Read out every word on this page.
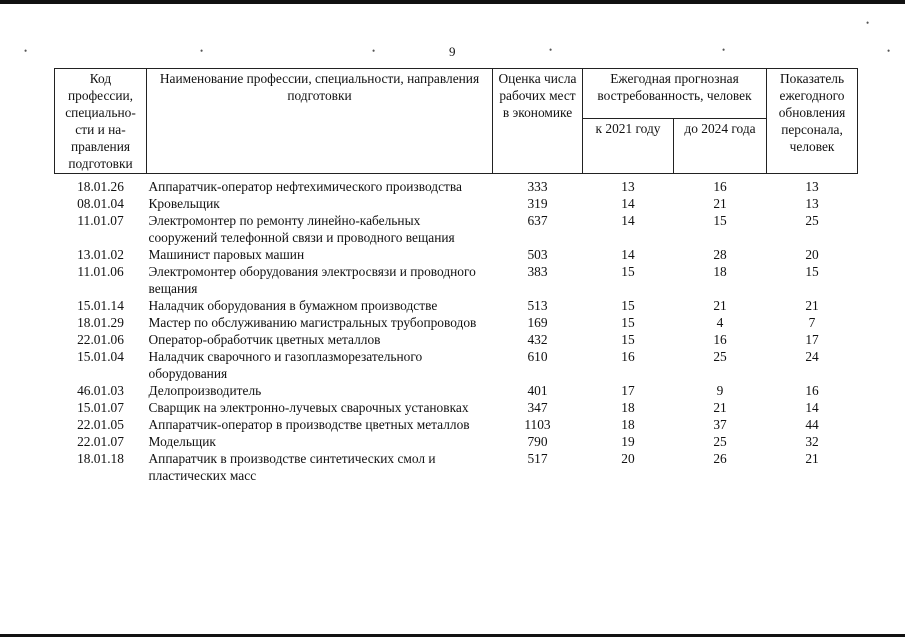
•	•	•	•	•
•
•
9
Код профессии, специально-сти и на-правления подготовки	Наименование профессии, специальности, направления подготовки	Оценка числа рабочих мест в экономике	Ежегодная прогнозная востребованность, человек		Показатель ежегодного обновления персонала, человек
			к 2021 году	до 2024 года	
18.01.26	Аппаратчик-оператор нефтехимического производства	333	13	16	13
08.01.04	Кровельщик	319	14	21	13
11.01.07	Электромонтер по ремонту линейно-кабельных сооружений телефонной связи и проводного вещания	637	14	15	25
13.01.02	Машинист паровых машин	503	14	28	20
11.01.06	Электромонтер оборудования электросвязи и проводного вещания	383	15	18	15
15.01.14	Наладчик оборудования в бумажном производстве	513	15	21	21
18.01.29	Мастер по обслуживанию магистральных трубопроводов	169	15	4	7
22.01.06	Оператор-обработчик цветных металлов	432	15	16	17
15.01.04	Наладчик сварочного и газоплазморезательного оборудования	610	16	25	24
46.01.03	Делопроизводитель	401	17	9	16
15.01.07	Сварщик на электронно-лучевых сварочных установках	347	18	21	14
22.01.05	Аппаратчик-оператор в производстве цветных металлов	1103	18	37	44
22.01.07	Модельщик	790	19	25	32
18.01.18	Аппаратчик в производстве синтетических смол и пластических масс	517	20	26	21
